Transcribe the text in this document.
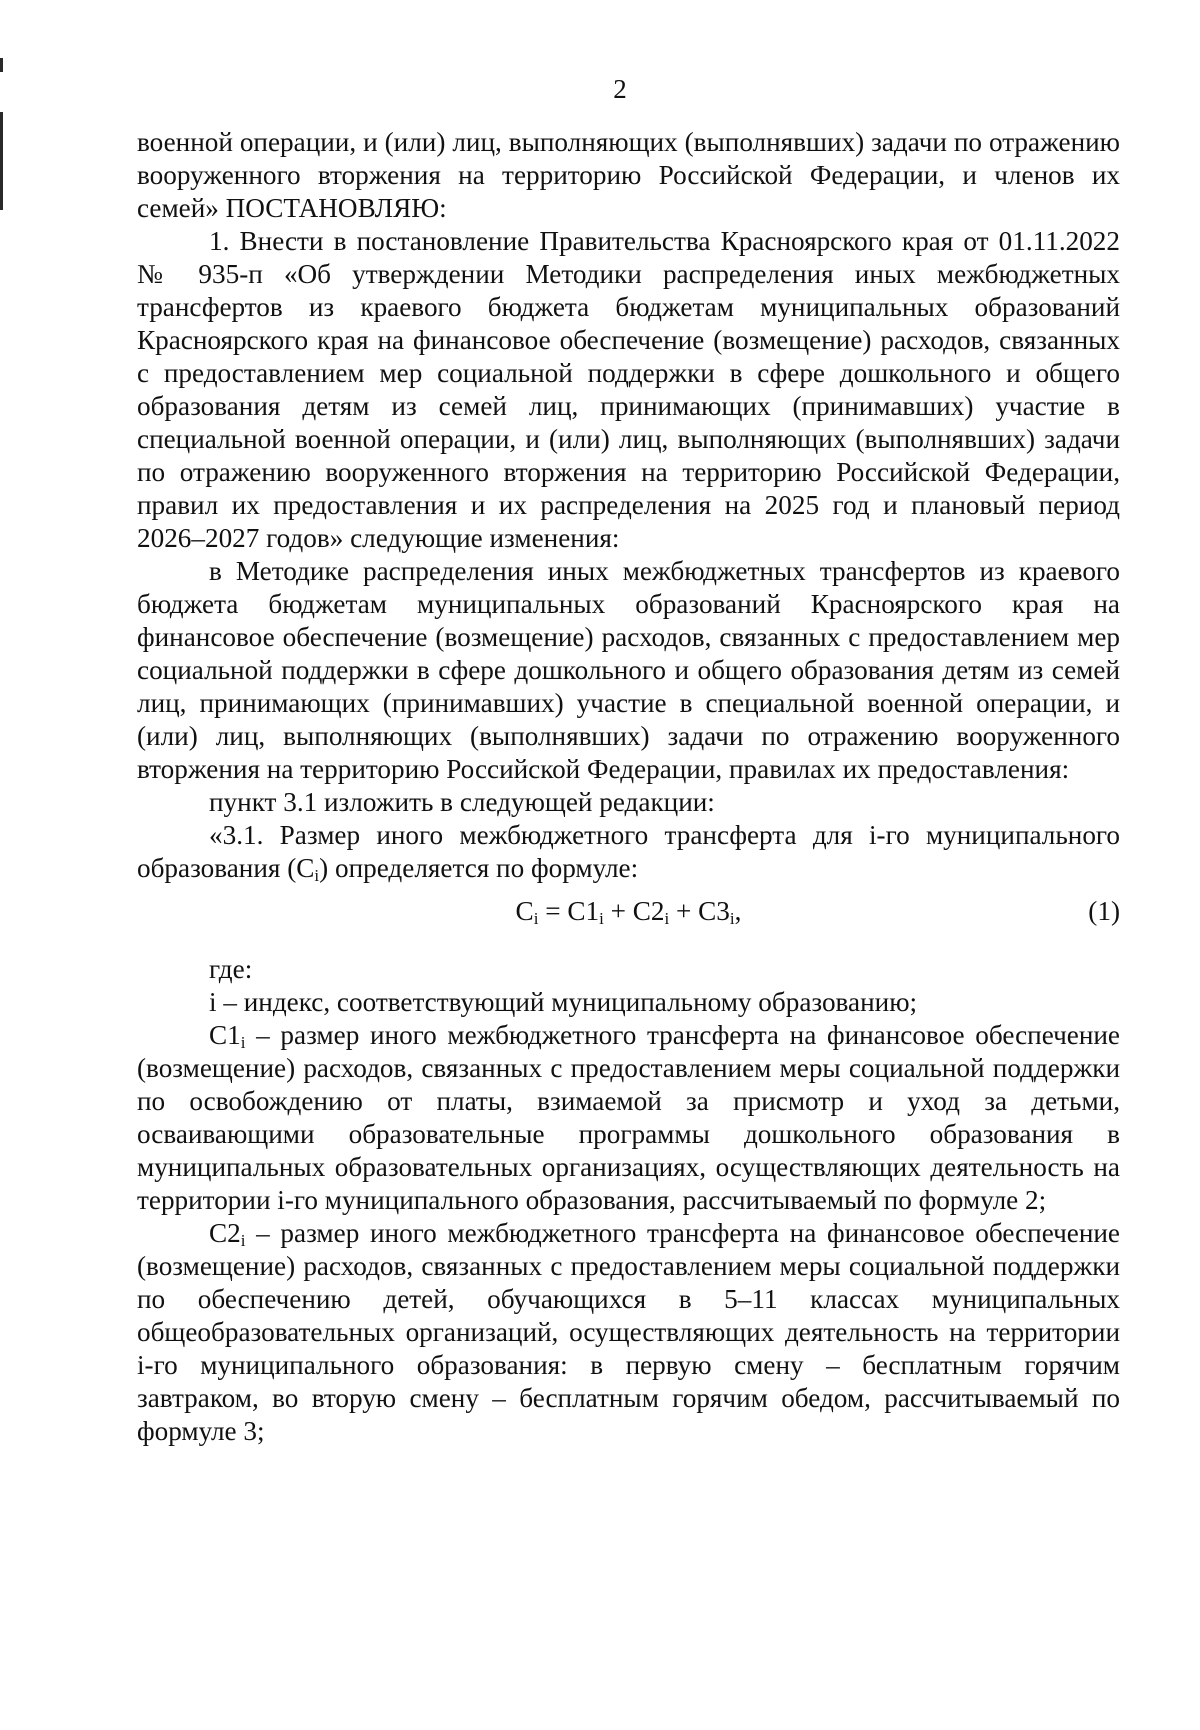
2

военной операции, и (или) лиц, выполняющих (выполнявших) задачи по отражению вооруженного вторжения на территорию Российской Федерации, и членов их семей» ПОСТАНОВЛЯЮ:

1. Внести в постановление Правительства Красноярского края от 01.11.2022 № 935-п «Об утверждении Методики распределения иных межбюджетных трансфертов из краевого бюджета бюджетам муниципальных образований Красноярского края на финансовое обеспечение (возмещение) расходов, связанных с предоставлением мер социальной поддержки в сфере дошкольного и общего образования детям из семей лиц, принимающих (принимавших) участие в специальной военной операции, и (или) лиц, выполняющих (выполнявших) задачи по отражению вооруженного вторжения на территорию Российской Федерации, правил их предоставления и их распределения на 2025 год и плановый период 2026–2027 годов» следующие изменения:

в Методике распределения иных межбюджетных трансфертов из краевого бюджета бюджетам муниципальных образований Красноярского края на финансовое обеспечение (возмещение) расходов, связанных с предоставлением мер социальной поддержки в сфере дошкольного и общего образования детям из семей лиц, принимающих (принимавших) участие в специальной военной операции, и (или) лиц, выполняющих (выполнявших) задачи по отражению вооруженного вторжения на территорию Российской Федерации, правилах их предоставления:

пункт 3.1 изложить в следующей редакции:

«3.1. Размер иного межбюджетного трансферта для i-го муниципального образования $(C_i)$ определяется по формуле:

$C_i = C1_i + C2_i + C3_i$,	(1)

где:

i – индекс, соответствующий муниципальному образованию;

$C1_i$ – размер иного межбюджетного трансферта на финансовое обеспечение (возмещение) расходов, связанных с предоставлением меры социальной поддержки по освобождению от платы, взимаемой за присмотр и уход за детьми, осваивающими образовательные программы дошкольного образования в муниципальных образовательных организациях, осуществляющих деятельность на территории i-го муниципального образования, рассчитываемый по формуле 2;

$C2_i$ – размер иного межбюджетного трансферта на финансовое обеспечение (возмещение) расходов, связанных с предоставлением меры социальной поддержки по обеспечению детей, обучающихся в 5–11 классах муниципальных общеобразовательных организаций, осуществляющих деятельность на территории i-го муниципального образования: в первую смену – бесплатным горячим завтраком, во вторую смену – бесплатным горячим обедом, рассчитываемый по формуле 3;
